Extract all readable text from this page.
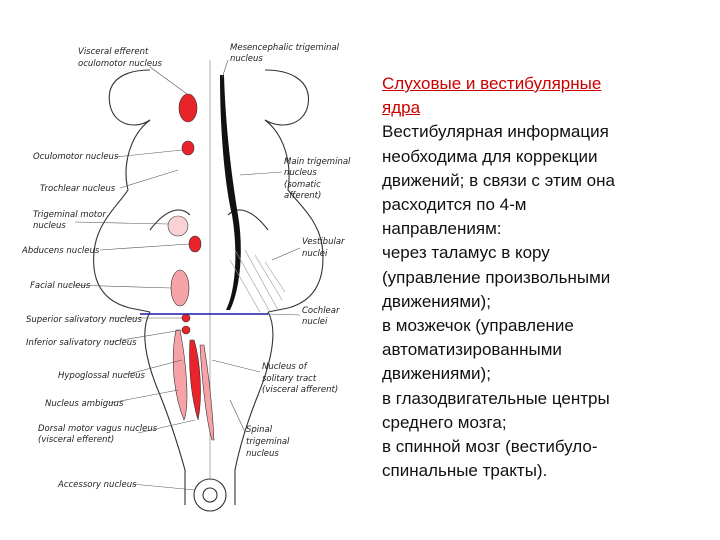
Visceral efferent
oculomotor nucleus
Mesencephalic trigeminal
nucleus
Oculomotor nucleus
Trochlear nucleus
Trigeminal motor
nucleus
Abducens nucleus
Facial nucleus
Superior salivatory nucleus
Inferior salivatory nucleus
Hypoglossal nucleus
Nucleus ambiguus
Dorsal motor vagus nucleus
(visceral efferent)
Accessory nucleus
Main trigeminal
nucleus
(somatic
afferent)
Vestibular
nuclei
Cochlear
nuclei
Nucleus of
solitary tract
(visceral afferent)
Spinal
trigeminal
nucleus
Слуховые и вестибулярные
ядра
Вестибулярная информация
необходима для коррекции
движений; в связи с этим она
расходится по 4-м
направлениям:
через таламус в кору
(управление произвольными
движениями);
в мозжечок (управление
автоматизированными
движениями);
в глазодвигательные центры
среднего мозга;
в спинной мозг (вестибуло-
спинальные тракты).
